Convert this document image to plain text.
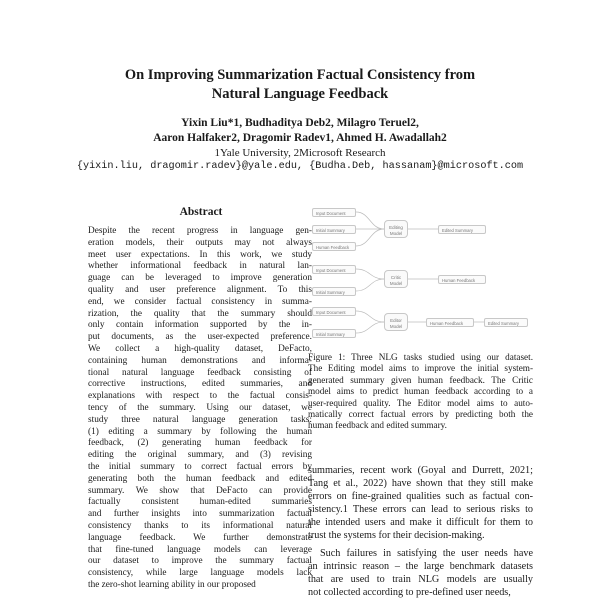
On Improving Summarization Factual Consistency from
Natural Language Feedback
Yixin Liu*1, Budhaditya Deb2, Milagro Teruel2,
Aaron Halfaker2, Dragomir Radev1, Ahmed H. Awadallah2
1Yale University, 2Microsoft Research
{yixin.liu, dragomir.radev}@yale.edu, {Budha.Deb, hassanam}@microsoft.com
Abstract
Despite the recent progress in language gen-
eration models, their outputs may not always
meet user expectations. In this work, we study
whether informational feedback in natural lan-
guage can be leveraged to improve generation
quality and user preference alignment. To this
end, we consider factual consistency in summa-
rization, the quality that the summary should
only contain information supported by the in-
put documents, as the user-expected preference.
We collect a high-quality dataset, DeFacto,
containing human demonstrations and informa-
tional natural language feedback consisting of
corrective instructions, edited summaries, and
explanations with respect to the factual consis-
tency of the summary. Using our dataset, we
study three natural language generation tasks:
(1) editing a summary by following the human
feedback, (2) generating human feedback for
editing the original summary, and (3) revising
the initial summary to correct factual errors by
generating both the human feedback and edited
summary. We show that DeFacto can provide
factually consistent human-edited summaries
and further insights into summarization factual
consistency thanks to its informational natural
language feedback. We further demonstrate
that fine-tuned language models can leverage
our dataset to improve the summary factual
consistency, while large language models lack
the zero-shot learning ability in our proposed
Input Document
Initial Summary
Human Feedback
Editing Model
Edited Summary
Input Document
Initial Summary
Critic Model
Human Feedback
Input Document
Initial Summary
Editor Model
Human Feedback	Edited Summary
Figure 1: Three NLG tasks studied using our dataset.
The Editing model aims to improve the initial system-
generated summary given human feedback. The Critic
model aims to predict human feedback according to a
user-required quality. The Editor model aims to auto-
matically correct factual errors by predicting both the
human feedback and edited summary.
summaries, recent work (Goyal and Durrett, 2021;
Tang et al., 2022) have shown that they still make
errors on fine-grained qualities such as factual con-
sistency.1 These errors can lead to serious risks to
the intended users and make it difficult for them to
trust the systems for their decision-making.
Such failures in satisfying the user needs have
an intrinsic reason – the large benchmark datasets
that are used to train NLG models are usually
not collected according to pre-defined user needs,
